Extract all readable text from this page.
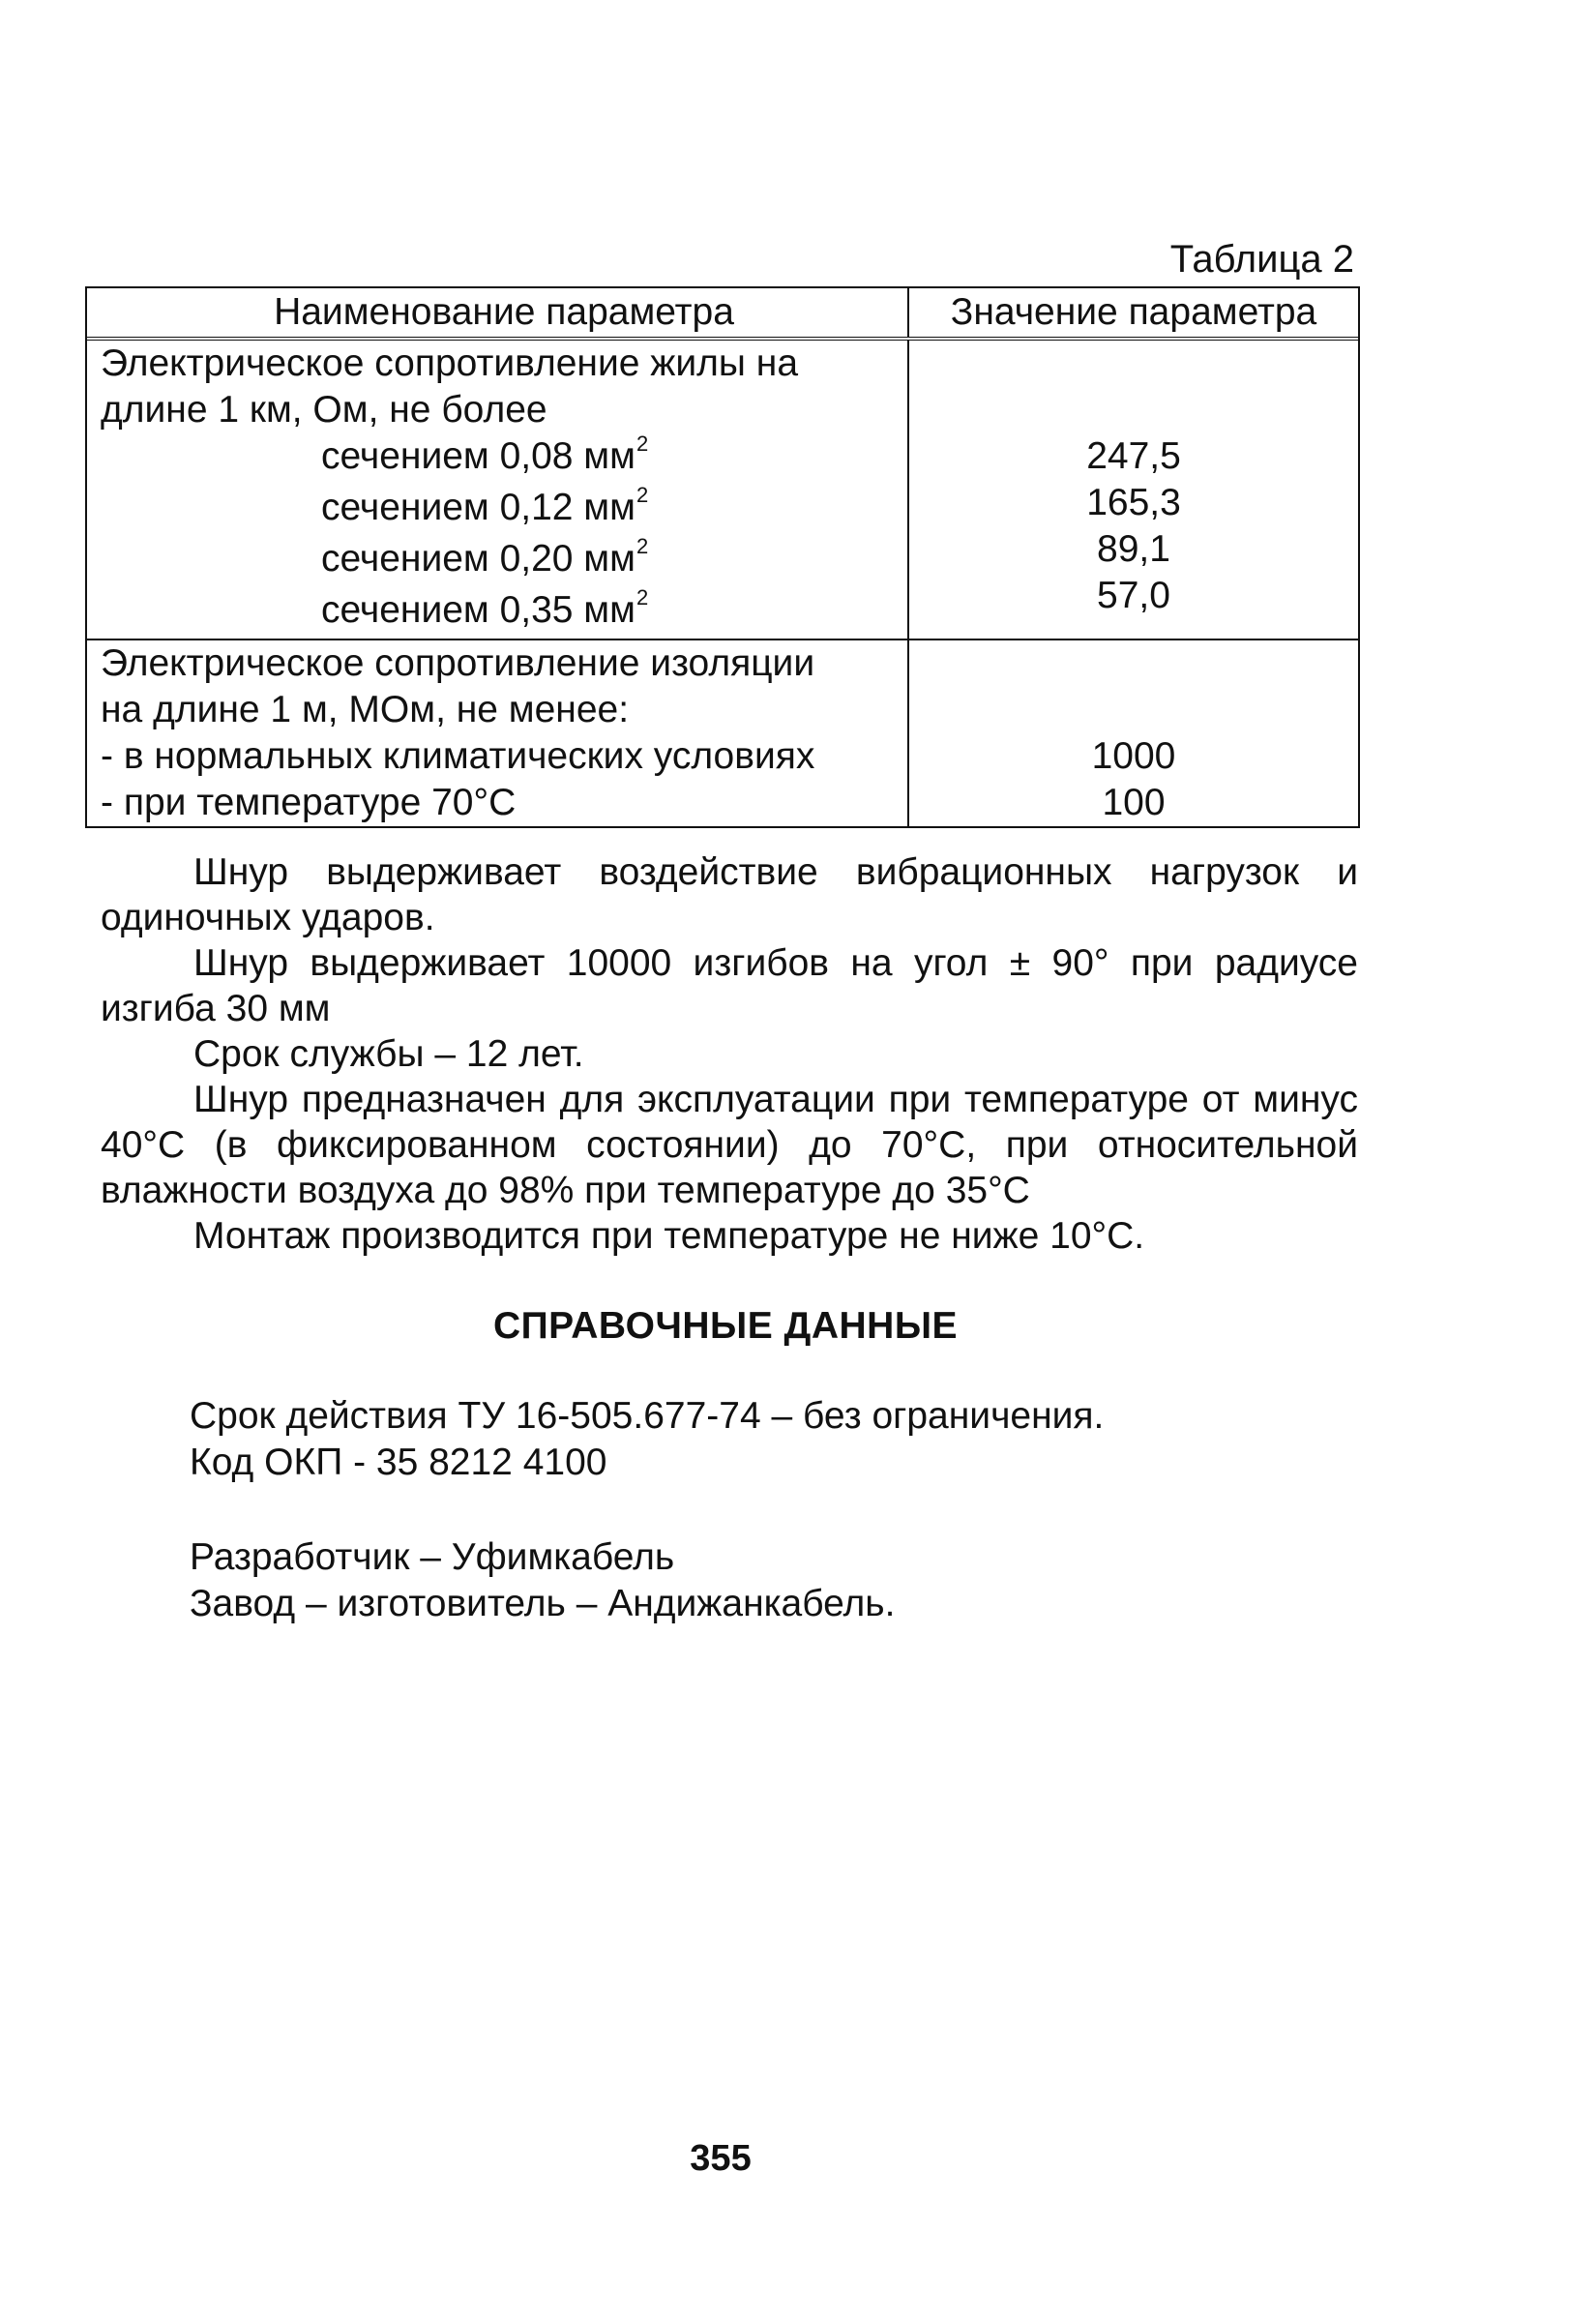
Таблица 2
Наименование параметра	Значение параметра
Электрическое сопротивление жилы на
длине 1 км, Ом, не более
сечением 0,08 $мм^2$
сечением 0,12 $мм^2$
сечением 0,20 $мм^2$
сечением 0,35 $мм^2$

247,5
165,3
89,1
57,0
Электрическое сопротивление изоляции
на длине 1 м, МОм, не менее:
- в нормальных климатических условиях
- при температуре 70°С

1000
100

Шнур выдерживает воздействие вибрационных нагрузок и одиночных ударов.

Шнур выдерживает 10000 изгибов на угол ± 90° при радиусе изгиба 30 мм

Срок службы – 12 лет.

Шнур предназначен для эксплуатации при температуре от минус 40°С (в фиксированном состоянии) до 70°С, при относительной влажности воздуха до 98% при температуре до 35°С

Монтаж производится при температуре не ниже 10°С.

СПРАВОЧНЫЕ ДАННЫЕ
Срок действия ТУ 16-505.677-74 – без ограничения.
Код ОКП - 35 8212 4100
Разработчик – Уфимкабель
Завод – изготовитель – Андижанкабель.
355
